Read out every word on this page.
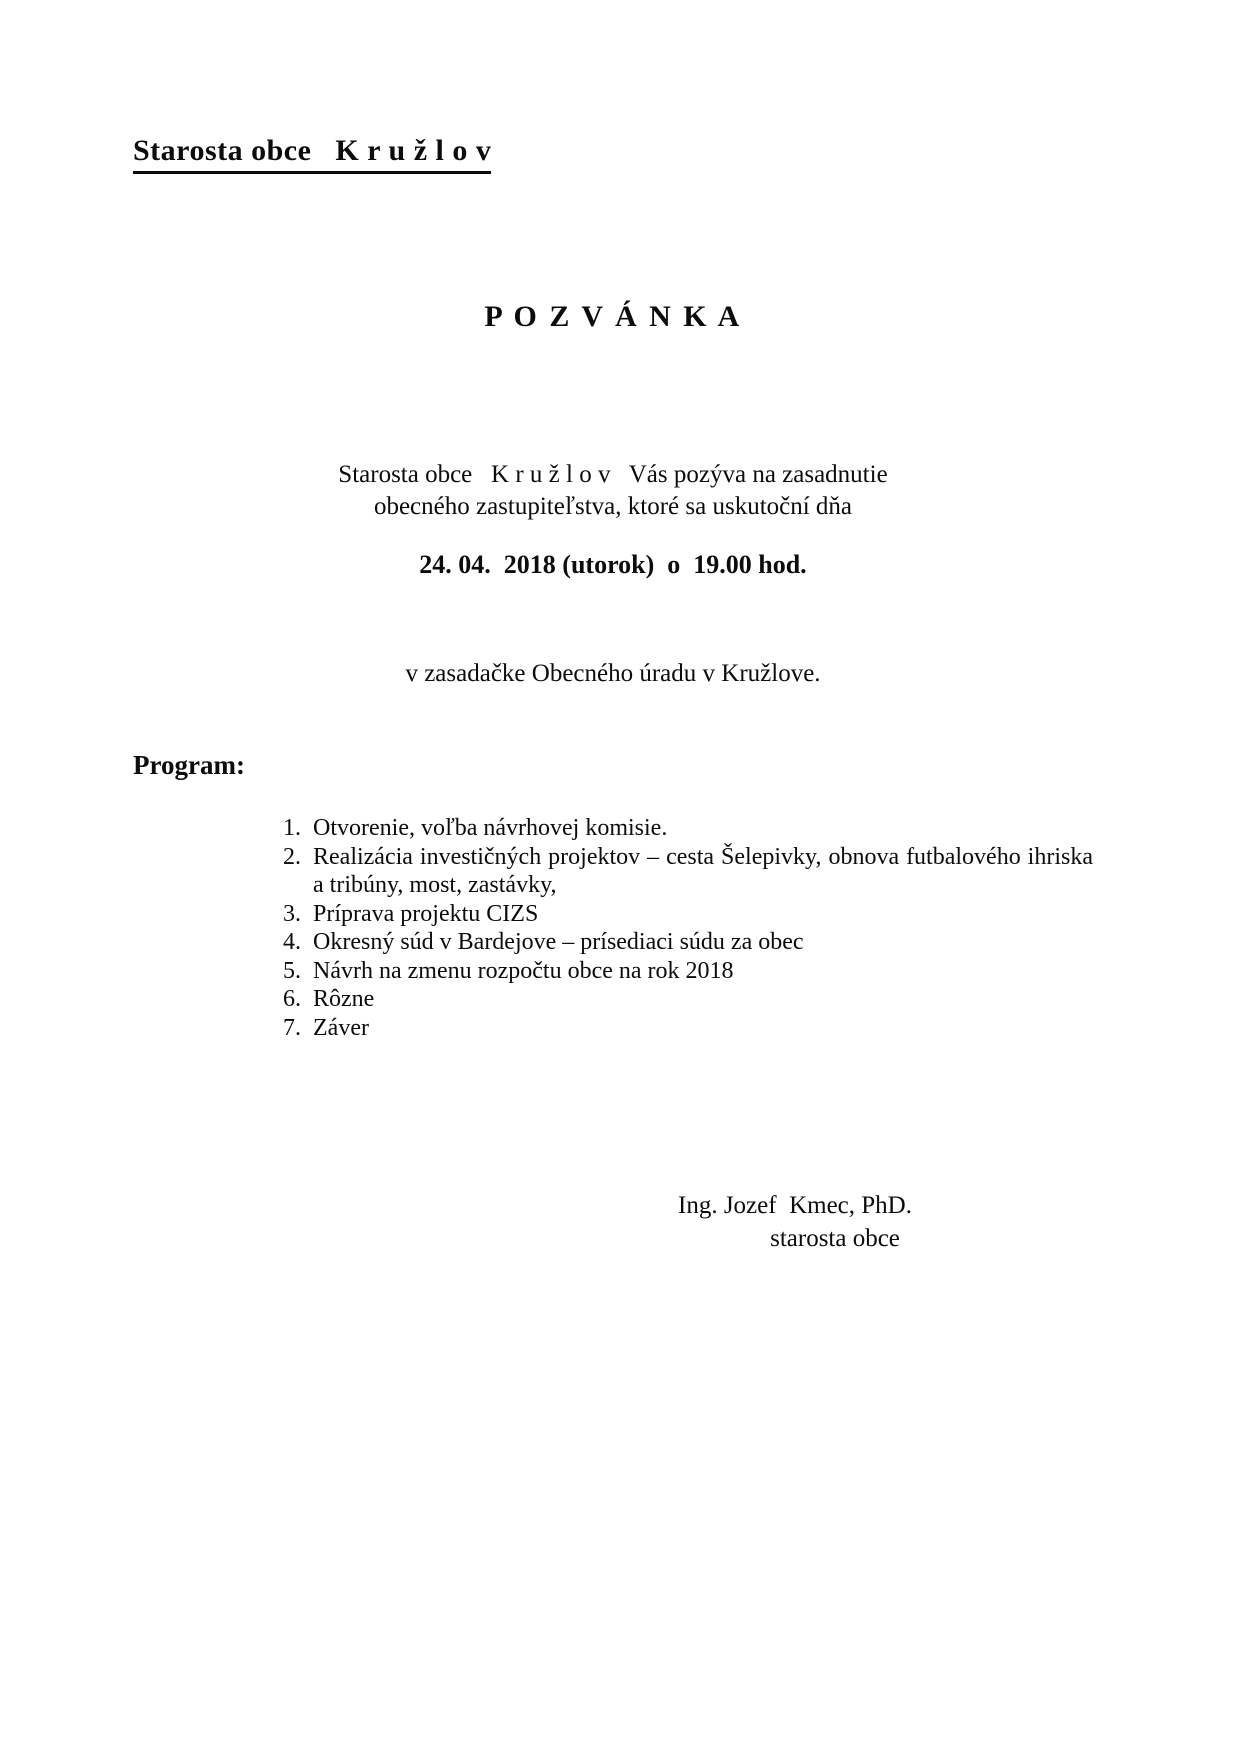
Starosta obce   K r u ž l o v
P O Z V Á N K A
Starosta obce   K r u ž l o v   Vás pozýva na zasadnutie
obecného zastupiteľstva, ktoré sa uskutoční dňa
24. 04.  2018 (utorok)  o  19.00 hod.
v zasadačke Obecného úradu v Kružlove.
Program:
1. Otvorenie, voľba návrhovej komisie.
2. Realizácia investičných projektov – cesta Šelepivky, obnova futbalového ihriska a tribúny, most, zastávky,
3. Príprava projektu CIZS
4. Okresný súd v Bardejove – prísediaci súdu za obec
5. Návrh na zmenu rozpočtu obce na rok 2018
6. Rôzne
7. Záver
Ing. Jozef  Kmec, PhD.
starosta obce
